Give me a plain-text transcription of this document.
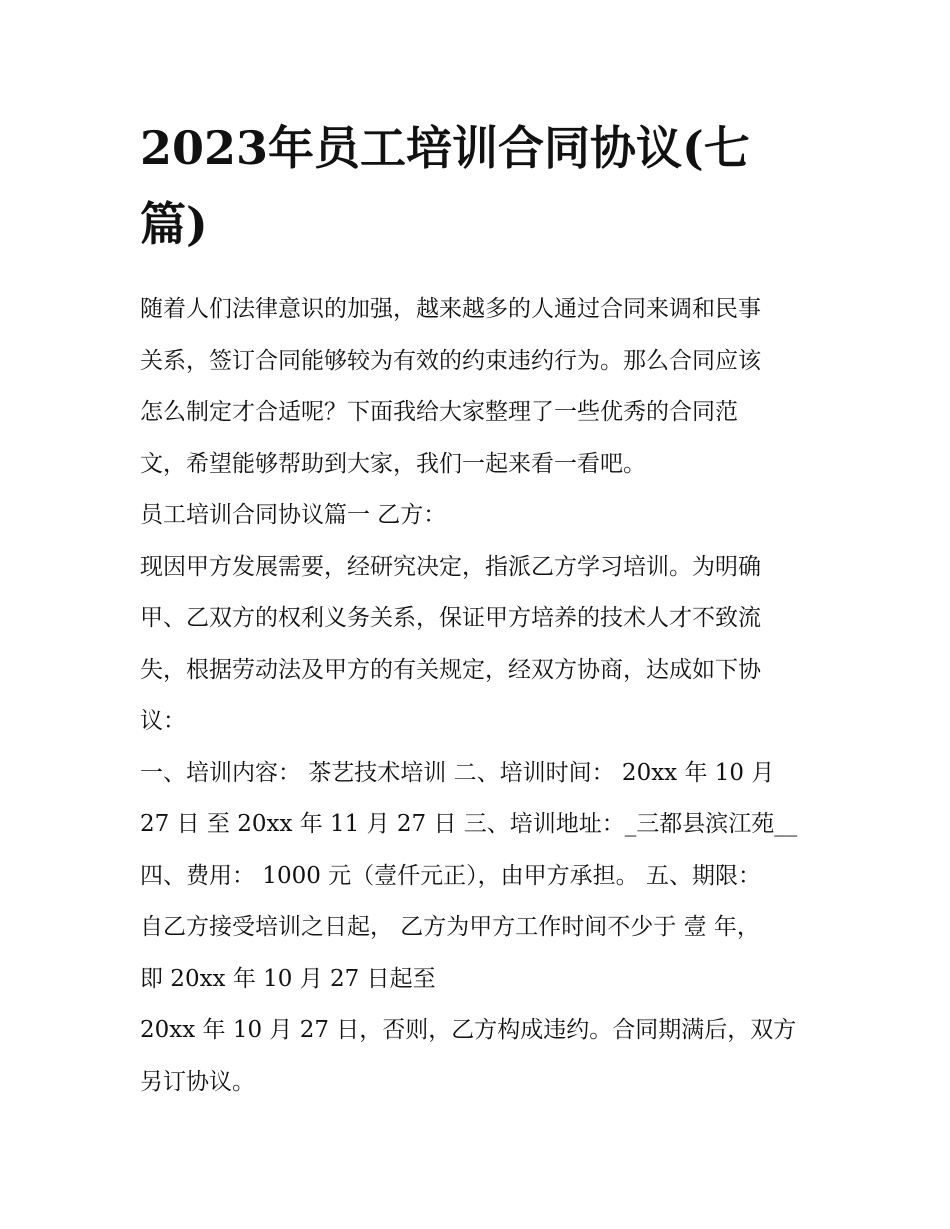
2023年员工培训合同协议(七
篇)

随着人们法律意识的加强，越来越多的人通过合同来调和民事
关系，签订合同能够较为有效的约束违约行为。那么合同应该
怎么制定才合适呢？下面我给大家整理了一些优秀的合同范
文，希望能够帮助到大家，我们一起来看一看吧。

员工培训合同协议篇一 乙方：

现因甲方发展需要，经研究决定，指派乙方学习培训。为明确
甲、乙双方的权利义务关系，保证甲方培养的技术人才不致流
失，根据劳动法及甲方的有关规定，经双方协商，达成如下协
议：

一、培训内容： 茶艺技术培训 二、培训时间： 20xx 年 10 月
27 日 至 20xx 年 11 月 27 日 三、培训地址：_三都县滨江苑__
四、费用： 1000 元（壹仟元正），由甲方承担。 五、期限：
自乙方接受培训之日起， 乙方为甲方工作时间不少于 壹 年，
即 20xx 年 10 月 27 日起至

20xx 年 10 月 27 日，否则，乙方构成违约。合同期满后，双方
另订协议。
